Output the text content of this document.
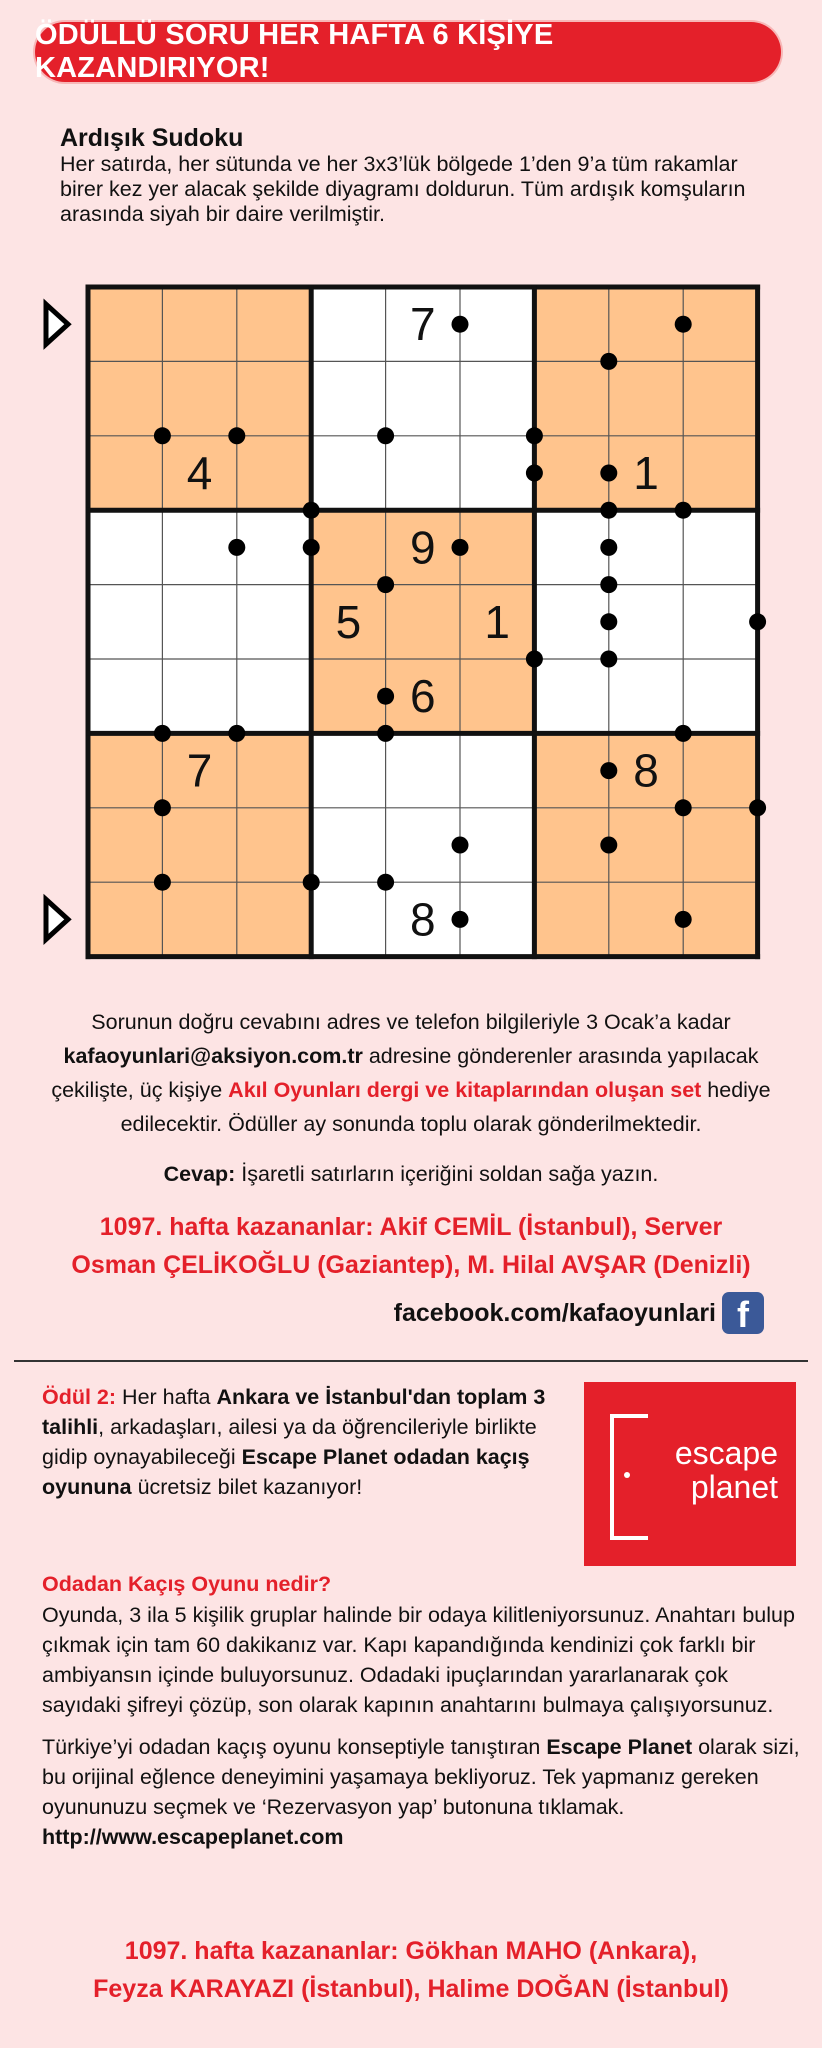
ÖDÜLLÜ SORU HER HAFTA 6 KİŞİYE KAZANDIRIYOR!
Ardışık Sudoku

Her satırda, her sütunda ve her 3x3’lük bölgede 1’den 9’a tüm rakamlar birer kez yer alacak şekilde diyagramı doldurun. Tüm ardışık komşuların arasında siyah bir daire verilmiştir.

7
4	1
9
5	1
6
7	8
8
Sorunun doğru cevabını adres ve telefon bilgileriyle 3 Ocak’a kadar
kafaoyunlari@aksiyon.com.tr adresine gönderenler arasında yapılacak çekilişte, üç kişiye Akıl Oyunları dergi ve kitaplarından oluşan set hediye edilecektir. Ödüller ay sonunda toplu olarak gönderilmektedir.
Cevap: İşaretli satırların içeriğini soldan sağa yazın.
1097. hafta kazananlar: Akif CEMİL (İstanbul), Server
Osman ÇELİKOĞLU (Gaziantep), M. Hilal AVŞAR (Denizli)
facebook.com/kafaoyunlari f
Ödül 2: Her hafta Ankara ve İstanbul'dan toplam 3 talihli, arkadaşları, ailesi ya da öğrencileriyle birlikte gidip oynayabileceği Escape Planet odadan kaçış oyununa ücretsiz bilet kazanıyor!
escape
planet
Odadan Kaçış Oyunu nedir?
Oyunda, 3 ila 5 kişilik gruplar halinde bir odaya kilitleniyorsunuz. Anahtarı bulup çıkmak için tam 60 dakikanız var. Kapı kapandığında kendinizi çok farklı bir ambiyansın içinde buluyorsunuz. Odadaki ipuçlarından yararlanarak çok sayıdaki şifreyi çözüp, son olarak kapının anahtarını bulmaya çalışıyorsunuz.
Türkiye’yi odadan kaçış oyunu konseptiyle tanıştıran Escape Planet olarak sizi, bu orijinal eğlence deneyimini yaşamaya bekliyoruz. Tek yapmanız gereken oyununuzu seçmek ve ‘Rezervasyon yap’ butonuna tıklamak. http://www.escapeplanet.com
1097. hafta kazananlar: Gökhan MAHO (Ankara),
Feyza KARAYAZI (İstanbul), Halime DOĞAN (İstanbul)
